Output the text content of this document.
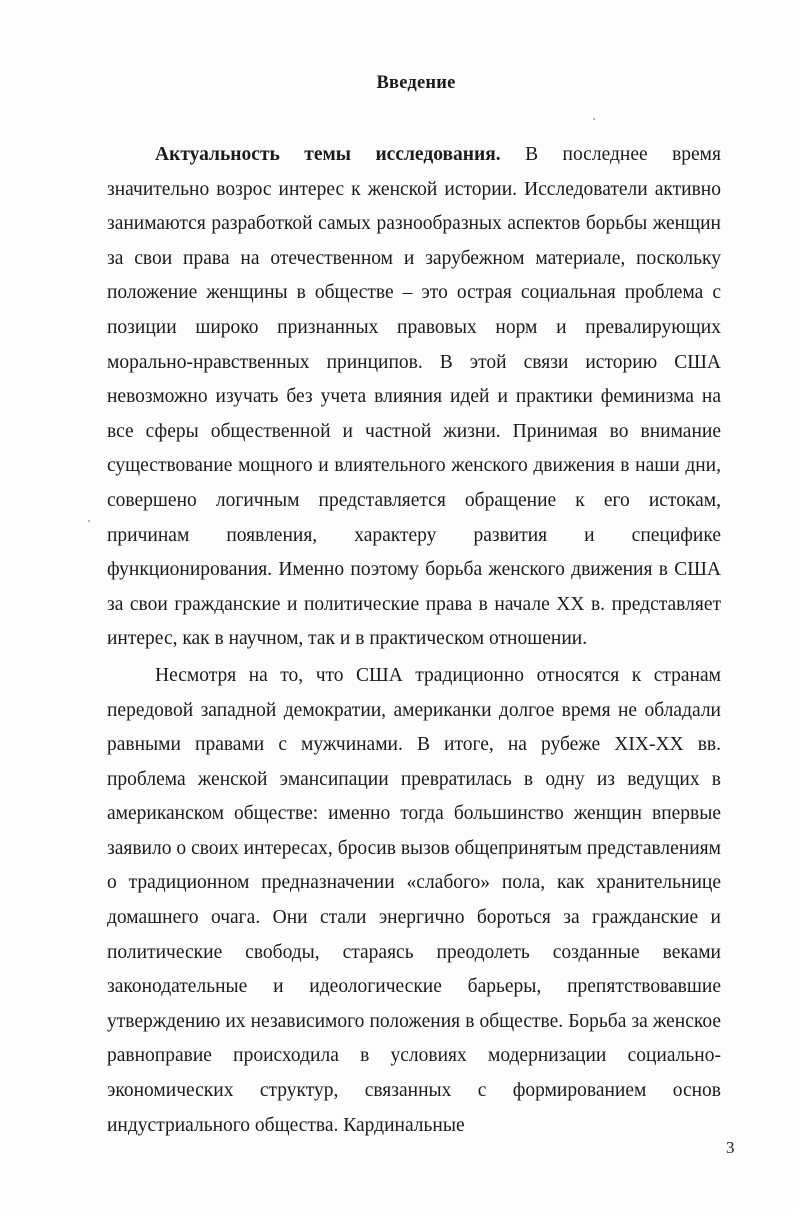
Введение

Актуальность темы исследования. В последнее время значительно возрос интерес к женской истории. Исследователи активно занимаются разработкой самых разнообразных аспектов борьбы женщин за свои права на отечественном и зарубежном материале, поскольку положение женщины в обществе – это острая социальная проблема с позиции широко признанных правовых норм и превалирующих морально-нравственных принципов. В этой связи историю США невозможно изучать без учета влияния идей и практики феминизма на все сферы общественной и частной жизни. Принимая во внимание существование мощного и влиятельного женского движения в наши дни, совершено логичным представляется обращение к его истокам, причинам появления, характеру развития и специфике функционирования. Именно поэтому борьба женского движения в США за свои гражданские и политические права в начале XX в. представляет интерес, как в научном, так и в практическом отношении.

Несмотря на то, что США традиционно относятся к странам передовой западной демократии, американки долгое время не обладали равными правами с мужчинами. В итоге, на рубеже XIX-XX вв. проблема женской эмансипации превратилась в одну из ведущих в американском обществе: именно тогда большинство женщин впервые заявило о своих интересах, бросив вызов общепринятым представлениям о традиционном предназначении «слабого» пола, как хранительнице домашнего очага. Они стали энергично бороться за гражданские и политические свободы, стараясь преодолеть созданные веками законодательные и идеологические барьеры, препятствовавшие утверждению их независимого положения в обществе. Борьба за женское равноправие происходила в условиях модернизации социально-экономических структур, связанных с формированием основ индустриального общества. Кардинальные

3
